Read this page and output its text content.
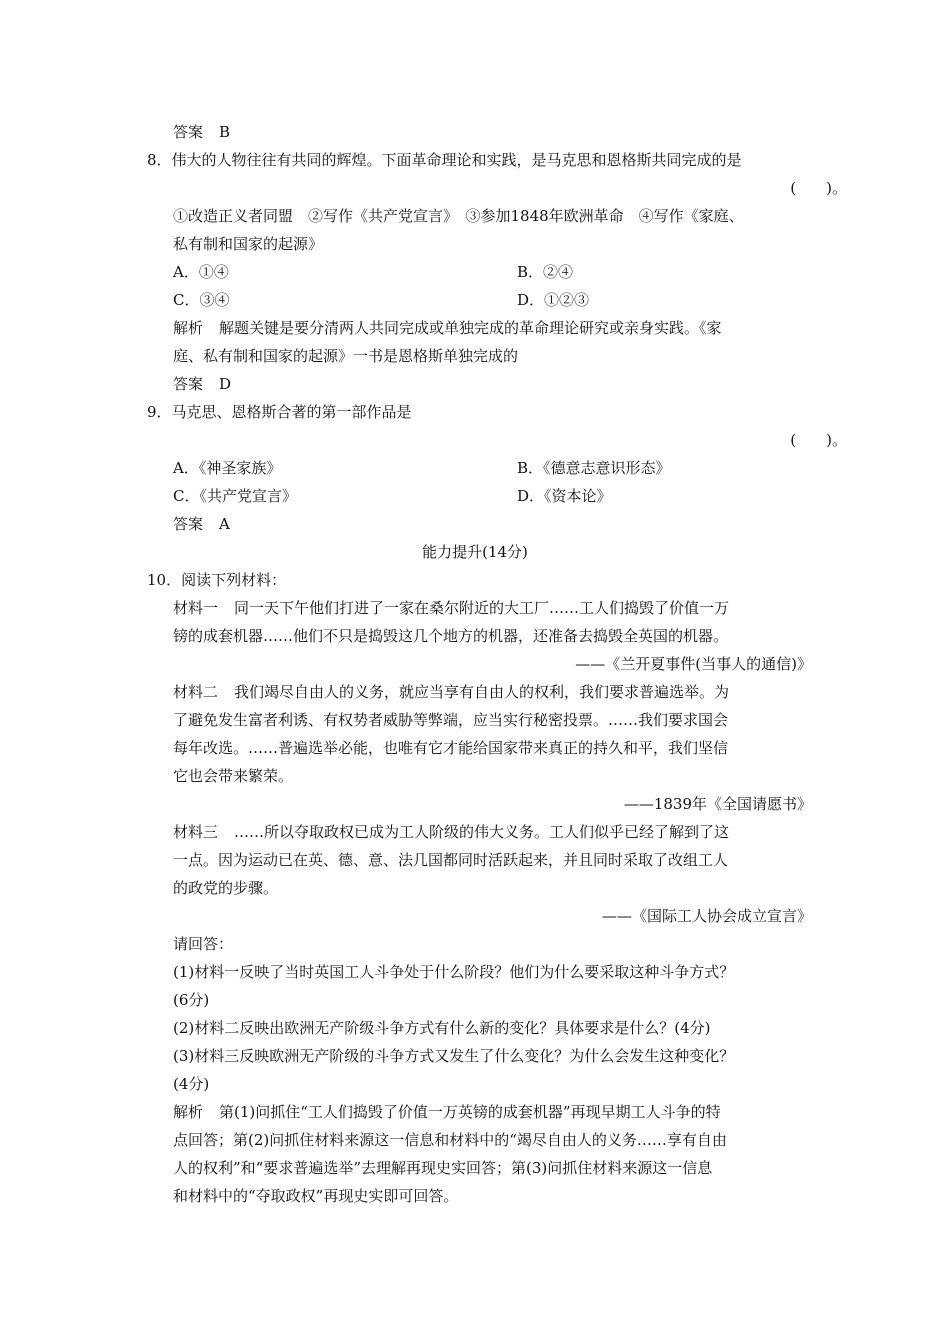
答案 B
8．伟大的人物往往有共同的辉煌。下面革命理论和实践，是马克思和恩格斯共同完成的是
(　　)。
①改造正义者同盟　②写作《共产党宣言》　③参加1848年欧洲革命　④写作《家庭、
私有制和国家的起源》
A．①④	B．②④
C．③④	D．①②③
解析 解题关键是要分清两人共同完成或单独完成的革命理论研究或亲身实践。《家
庭、私有制和国家的起源》一书是恩格斯单独完成的
答案 D
9．马克思、恩格斯合著的第一部作品是
(　　)。
A．《神圣家族》	B．《德意志意识形态》
C．《共产党宣言》	D．《资本论》
答案 A
能力提升(14分)
10．阅读下列材料：
材料一 同一天下午他们打进了一家在桑尔附近的大工厂……工人们捣毁了价值一万
镑的成套机器……他们不只是捣毁这几个地方的机器，还准备去捣毁全英国的机器。
——《兰开夏事件(当事人的通信)》
材料二 我们竭尽自由人的义务，就应当享有自由人的权利，我们要求普遍选举。为
了避免发生富者利诱、有权势者威胁等弊端，应当实行秘密投票。……我们要求国会
每年改选。……普遍选举必能，也唯有它才能给国家带来真正的持久和平，我们坚信
它也会带来繁荣。
——1839年《全国请愿书》
材料三 ……所以夺取政权已成为工人阶级的伟大义务。工人们似乎已经了解到了这
一点。因为运动已在英、德、意、法几国都同时活跃起来，并且同时采取了改组工人
的政党的步骤。
——《国际工人协会成立宣言》
请回答：
(1)材料一反映了当时英国工人斗争处于什么阶段？他们为什么要采取这种斗争方式？
(6分)
(2)材料二反映出欧洲无产阶级斗争方式有什么新的变化？具体要求是什么？(4分)
(3)材料三反映欧洲无产阶级的斗争方式又发生了什么变化？为什么会发生这种变化？
(4分)
解析 第(1)问抓住“工人们捣毁了价值一万英镑的成套机器”再现早期工人斗争的特
点回答；第(2)问抓住材料来源这一信息和材料中的“竭尽自由人的义务……享有自由
人的权利”和“要求普遍选举”去理解再现史实回答；第(3)问抓住材料来源这一信息
和材料中的“夺取政权”再现史实即可回答。
